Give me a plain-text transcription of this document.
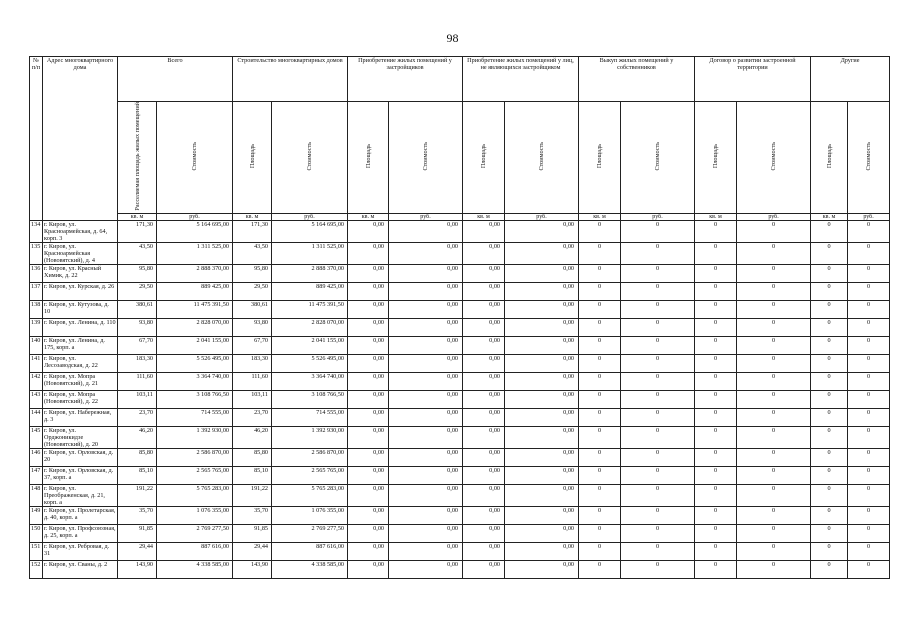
98
№ п/п	Адрес многоквартирного дома	Всего		Строительство многоквартирных домов		Приобретение жилых помещений у застройщиков		Приобретение жилых помещений у лиц, не являющихся застройщиком		Выкуп жилых помещений у собственников		Договор о развитии застроенной территории		Другие	
		Расселяемая площадь жилых помещений	Стоимость	Площадь	Стоимость	Площадь	Стоимость	Площадь	Стоимость	Площадь	Стоимость	Площадь	Стоимость	Площадь	Стоимость
		кв. м	руб.	кв. м	руб.	кв. м	руб.	кв. м	руб.	кв. м	руб.	кв. м	руб.	кв. м	руб.
134	г. Киров, ул. Красноармейская, д. 64, корп. 3	171,30	5 164 695,00	171,30	5 164 695,00	0,00	0,00	0,00	0,00	0	0	0	0	0	0
135	г. Киров, ул. Красноармейская (Нововятский), д. 4	43,50	1 311 525,00	43,50	1 311 525,00	0,00	0,00	0,00	0,00	0	0	0	0	0	0
136	г. Киров, ул. Красный Химик, д. 22	95,80	2 888 370,00	95,80	2 888 370,00	0,00	0,00	0,00	0,00	0	0	0	0	0	0
137	г. Киров, ул. Курская, д. 26	29,50	889 425,00	29,50	889 425,00	0,00	0,00	0,00	0,00	0	0	0	0	0	0
138	г. Киров, ул. Кутузова, д. 10	380,61	11 475 391,50	380,61	11 475 391,50	0,00	0,00	0,00	0,00	0	0	0	0	0	0
139	г. Киров, ул. Ленина, д. 110	93,80	2 828 070,00	93,80	2 828 070,00	0,00	0,00	0,00	0,00	0	0	0	0	0	0
140	г. Киров, ул. Ленина, д. 175, корп. а	67,70	2 041 155,00	67,70	2 041 155,00	0,00	0,00	0,00	0,00	0	0	0	0	0	0
141	г. Киров, ул. Лесозаводская, д. 22	183,30	5 526 495,00	183,30	5 526 495,00	0,00	0,00	0,00	0,00	0	0	0	0	0	0
142	г. Киров, ул. Мопра (Нововятский), д. 21	111,60	3 364 740,00	111,60	3 364 740,00	0,00	0,00	0,00	0,00	0	0	0	0	0	0
143	г. Киров, ул. Мопра (Нововятский), д. 22	103,11	3 108 766,50	103,11	3 108 766,50	0,00	0,00	0,00	0,00	0	0	0	0	0	0
144	г. Киров, ул. Набережная, д. 3	23,70	714 555,00	23,70	714 555,00	0,00	0,00	0,00	0,00	0	0	0	0	0	0
145	г. Киров, ул. Орджоникидзе (Нововятский), д. 20	46,20	1 392 930,00	46,20	1 392 930,00	0,00	0,00	0,00	0,00	0	0	0	0	0	0
146	г. Киров, ул. Орловская, д. 20	85,80	2 586 870,00	85,80	2 586 870,00	0,00	0,00	0,00	0,00	0	0	0	0	0	0
147	г. Киров, ул. Орловская, д. 37, корп. а	85,10	2 565 765,00	85,10	2 565 765,00	0,00	0,00	0,00	0,00	0	0	0	0	0	0
148	г. Киров, ул. Преображенская, д. 21, корп. а	191,22	5 765 283,00	191,22	5 765 283,00	0,00	0,00	0,00	0,00	0	0	0	0	0	0
149	г. Киров, ул. Пролетарская, д. 40, корп. а	35,70	1 076 355,00	35,70	1 076 355,00	0,00	0,00	0,00	0,00	0	0	0	0	0	0
150	г. Киров, ул. Профсоюзная, д. 25, корп. а	91,85	2 769 277,50	91,85	2 769 277,50	0,00	0,00	0,00	0,00	0	0	0	0	0	0
151	г. Киров, ул. Ребровая, д. 31	29,44	887 616,00	29,44	887 616,00	0,00	0,00	0,00	0,00	0	0	0	0	0	0
152	г. Киров, ул. Сваны, д. 2	143,90	4 338 585,00	143,90	4 338 585,00	0,00	0,00	0,00	0,00	0	0	0	0	0	0
